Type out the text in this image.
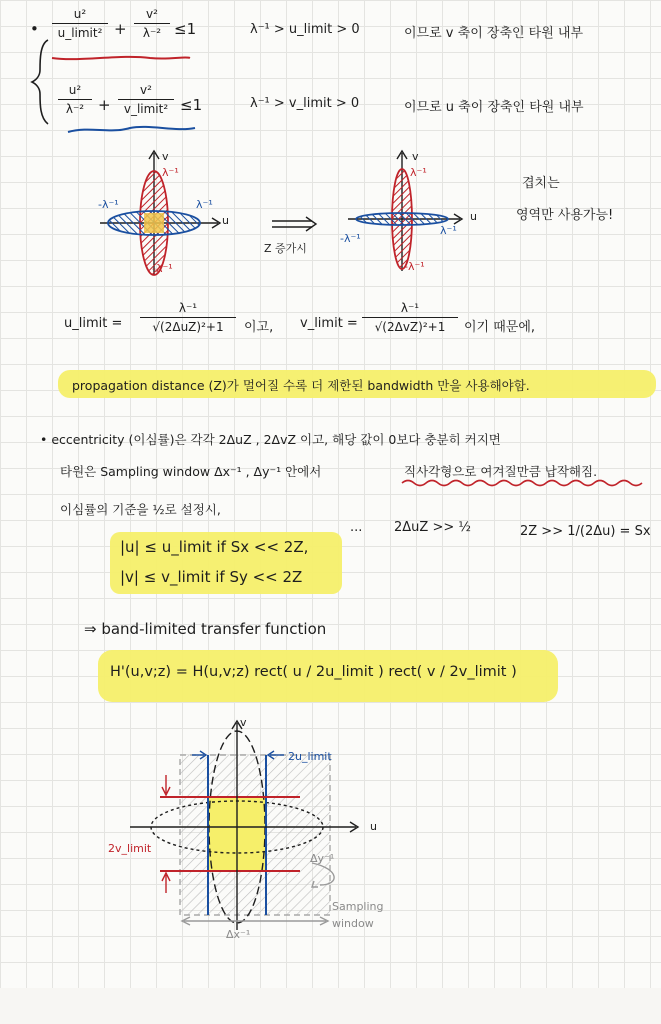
•
u²
u_limit² +
v²
λ⁻² ≤1	λ⁻¹ > u_limit > 0	이므로 v 축이 장축인 타원 내부
u²
λ⁻² +
v²
v_limit² ≤1	λ⁻¹ > v_limit > 0	이므로 u 축이 장축인 타원 내부
v
λ⁻¹
-λ⁻¹
λ⁻¹
-λ⁻¹
u
Z 증가시
v
λ⁻¹
-λ⁻¹
λ⁻¹
-λ⁻¹
u
겹치는
영역만 사용가능!
u_limit =
λ⁻¹
√(2ΔuZ)²+1	이고, v_limit =
λ⁻¹
√(2ΔvZ)²+1	이기 때문에,
propagation distance (Z)가 멀어질 수록 더 제한된 bandwidth 만을 사용해야함.
• eccentricity (이심률)은 각각 2ΔuZ , 2ΔvZ 이고, 해당 값이 0보다 충분히 커지면
타원은 Sampling window Δx⁻¹ , Δy⁻¹ 안에서	직사각형으로 여겨질만큼 납작해짐.
이심률의 기준을 ½로 설정시,
|u| ≤ u_limit if Sx << 2Z,
|v| ≤ v_limit if Sy << 2Z
... 2ΔuZ >> ½	2Z >> 1/(2Δu) = Sx
⇒ band-limited transfer function
H'(u,v;z) = H(u,v;z) rect( u / 2u_limit ) rect( v / 2v_limit )
v
u
2u_limit
2v_limit
Δy⁻¹
Δx⁻¹
Sampling window
